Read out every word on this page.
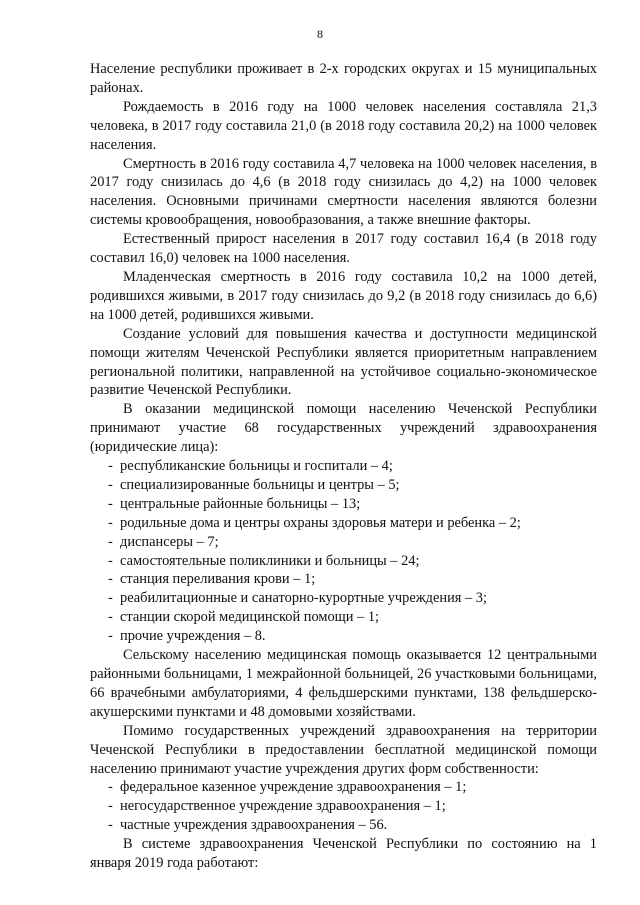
8

Население республики проживает в 2-х городских округах и 15 муниципальных районах.

Рождаемость в 2016 году на 1000 человек населения составляла 21,3 человека, в 2017 году составила 21,0 (в 2018 году составила 20,2) на 1000 человек населения.

Смертность в 2016 году составила 4,7 человека на 1000 человек населения, в 2017 году снизилась до 4,6 (в 2018 году снизилась до 4,2) на 1000 человек населения. Основными причинами смертности населения являются болезни системы кровообращения, новообразования, а также внешние факторы.

Естественный прирост населения в 2017 году составил 16,4 (в 2018 году составил 16,0) человек на 1000 населения.

Младенческая смертность в 2016 году составила 10,2 на 1000 детей, родившихся живыми, в 2017 году снизилась до 9,2 (в 2018 году снизилась до 6,6) на 1000 детей, родившихся живыми.

Создание условий для повышения качества и доступности медицинской помощи жителям Чеченской Республики является приоритетным направлением региональной политики, направленной на устойчивое социально-экономическое развитие Чеченской Республики.

В оказании медицинской помощи населению Чеченской Республики принимают участие 68 государственных учреждений здравоохранения (юридические лица):

- республиканские больницы и госпитали – 4;
- специализированные больницы и центры – 5;
- центральные районные больницы – 13;
- родильные дома и центры охраны здоровья матери и ребенка – 2;
- диспансеры – 7;
- самостоятельные поликлиники и больницы – 24;
- станция переливания крови – 1;
- реабилитационные и санаторно-курортные учреждения – 3;
- станции скорой медицинской помощи – 1;
- прочие учреждения – 8.

Сельскому населению медицинская помощь оказывается 12 центральными районными больницами, 1 межрайонной больницей, 26 участковыми больницами, 66 врачебными амбулаториями, 4 фельдшерскими пунктами, 138 фельдшерско-акушерскими пунктами и 48 домовыми хозяйствами.

Помимо государственных учреждений здравоохранения на территории Чеченской Республики в предоставлении бесплатной медицинской помощи населению принимают участие учреждения других форм собственности:

- федеральное казенное учреждение здравоохранения – 1;
- негосударственное учреждение здравоохранения – 1;
- частные учреждения здравоохранения – 56.

В системе здравоохранения Чеченской Республики по состоянию на 1 января 2019 года работают:
